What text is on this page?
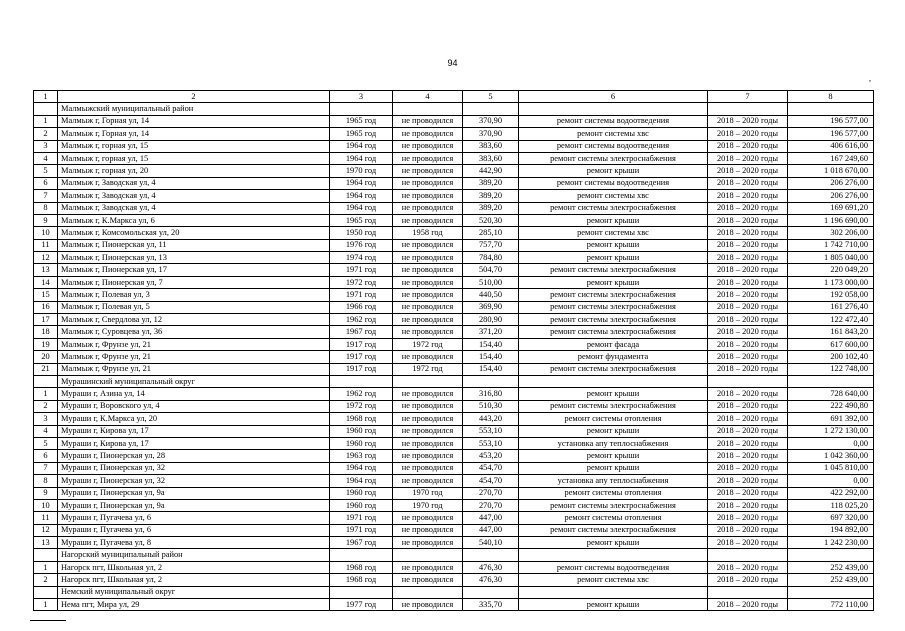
94
,
1	2	3	4	5	6	7	8
	Малмыжский муниципальный район						
1	Малмыж г, Горная ул, 14	1965 год	не проводился	370,90	ремонт системы водоотведения	2018 – 2020 годы	196 577,00
2	Малмыж г, Горная ул, 14	1965 год	не проводился	370,90	ремонт системы хвс	2018 – 2020 годы	196 577,00
3	Малмыж г, горная ул, 15	1964 год	не проводился	383,60	ремонт системы водоотведения	2018 – 2020 годы	406 616,00
4	Малмыж г, горная ул, 15	1964 год	не проводился	383,60	ремонт системы электроснабжения	2018 – 2020 годы	167 249,60
5	Малмыж г, горная ул, 20	1970 год	не проводился	442,90	ремонт крыши	2018 – 2020 годы	1 018 670,00
6	Малмыж г, Заводская ул, 4	1964 год	не проводился	389,20	ремонт системы водоотведения	2018 – 2020 годы	206 276,00
7	Малмыж г, Заводская ул, 4	1964 год	не проводился	389,20	ремонт системы хвс	2018 – 2020 годы	206 276,00
8	Малмыж г, Заводская ул, 4	1964 год	не проводился	389,20	ремонт системы электроснабжения	2018 – 2020 годы	169 691,20
9	Малмыж г, К.Маркса ул, 6	1965 год	не проводился	520,30	ремонт крыши	2018 – 2020 годы	1 196 690,00
10	Малмыж г, Комсомольская ул, 20	1950 год	1958 год	285,10	ремонт системы хвс	2018 – 2020 годы	302 206,00
11	Малмыж г, Пионерская ул, 11	1976 год	не проводился	757,70	ремонт крыши	2018 – 2020 годы	1 742 710,00
12	Малмыж г, Пионерская ул, 13	1974 год	не проводился	784,80	ремонт крыши	2018 – 2020 годы	1 805 040,00
13	Малмыж г, Пионерская ул, 17	1971 год	не проводился	504,70	ремонт системы электроснабжения	2018 – 2020 годы	220 049,20
14	Малмыж г, Пионерская ул, 7	1972 год	не проводился	510,00	ремонт крыши	2018 – 2020 годы	1 173 000,00
15	Малмыж г, Полевая ул, 3	1971 год	не проводился	440,50	ремонт системы электроснабжения	2018 – 2020 годы	192 058,00
16	Малмыж г, Полевая ул, 5	1966 год	не проводился	369,90	ремонт системы электроснабжения	2018 – 2020 годы	161 276,40
17	Малмыж г, Свердлова ул, 12	1962 год	не проводился	280,90	ремонт системы электроснабжения	2018 – 2020 годы	122 472,40
18	Малмыж г, Суровцева ул, 36	1967 год	не проводился	371,20	ремонт системы электроснабжения	2018 – 2020 годы	161 843,20
19	Малмыж г, Фрунзе ул, 21	1917 год	1972 год	154,40	ремонт фасада	2018 – 2020 годы	617 600,00
20	Малмыж г, Фрунзе ул, 21	1917 год	не проводился	154,40	ремонт фундамента	2018 – 2020 годы	200 102,40
21	Малмыж г, Фрунзе ул, 21	1917 год	1972 год	154,40	ремонт системы электроснабжения	2018 – 2020 годы	122 748,00
	Мурашинский муниципальный округ						
1	Мураши г, Азина ул, 14	1962 год	не проводился	316,80	ремонт крыши	2018 – 2020 годы	728 640,00
2	Мураши г, Воровского ул, 4	1972 год	не проводился	510,30	ремонт системы электроснабжения	2018 – 2020 годы	222 490,80
3	Мураши г, К.Маркса ул, 20	1968 год	не проводился	443,20	ремонт системы отопления	2018 – 2020 годы	691 392,00
4	Мураши г, Кирова ул, 17	1960 год	не проводился	553,10	ремонт крыши	2018 – 2020 годы	1 272 130,00
5	Мураши г, Кирова ул, 17	1960 год	не проводился	553,10	установка апу теплоснабжения	2018 – 2020 годы	0,00
6	Мураши г, Пионерская ул, 28	1963 год	не проводился	453,20	ремонт крыши	2018 – 2020 годы	1 042 360,00
7	Мураши г, Пионерская ул, 32	1964 год	не проводился	454,70	ремонт крыши	2018 – 2020 годы	1 045 810,00
8	Мураши г, Пионерская ул, 32	1964 год	не проводился	454,70	установка апу теплоснабжения	2018 – 2020 годы	0,00
9	Мураши г, Пионерская ул, 9а	1960 год	1970 год	270,70	ремонт системы отопления	2018 – 2020 годы	422 292,00
10	Мураши г, Пионерская ул, 9а	1960 год	1970 год	270,70	ремонт системы электроснабжения	2018 – 2020 годы	118 025,20
11	Мураши г, Пугачева ул, 6	1971 год	не проводился	447,00	ремонт системы отопления	2018 – 2020 годы	697 320,00
12	Мураши г, Пугачева ул, 6	1971 год	не проводился	447,00	ремонт системы электроснабжения	2018 – 2020 годы	194 892,00
13	Мураши г, Пугачева ул, 8	1967 год	не проводился	540,10	ремонт крыши	2018 – 2020 годы	1 242 230,00
	Нагорский муниципальный район						
1	Нагорск пгт, Школьная ул, 2	1968 год	не проводился	476,30	ремонт системы водоотведения	2018 – 2020 годы	252 439,00
2	Нагорск пгт, Школьная ул, 2	1968 год	не проводился	476,30	ремонт системы хвс	2018 – 2020 годы	252 439,00
	Немский муниципальный округ						
1	Нема пгт, Мира ул, 29	1977 год	не проводился	335,70	ремонт крыши	2018 – 2020 годы	772 110,00
